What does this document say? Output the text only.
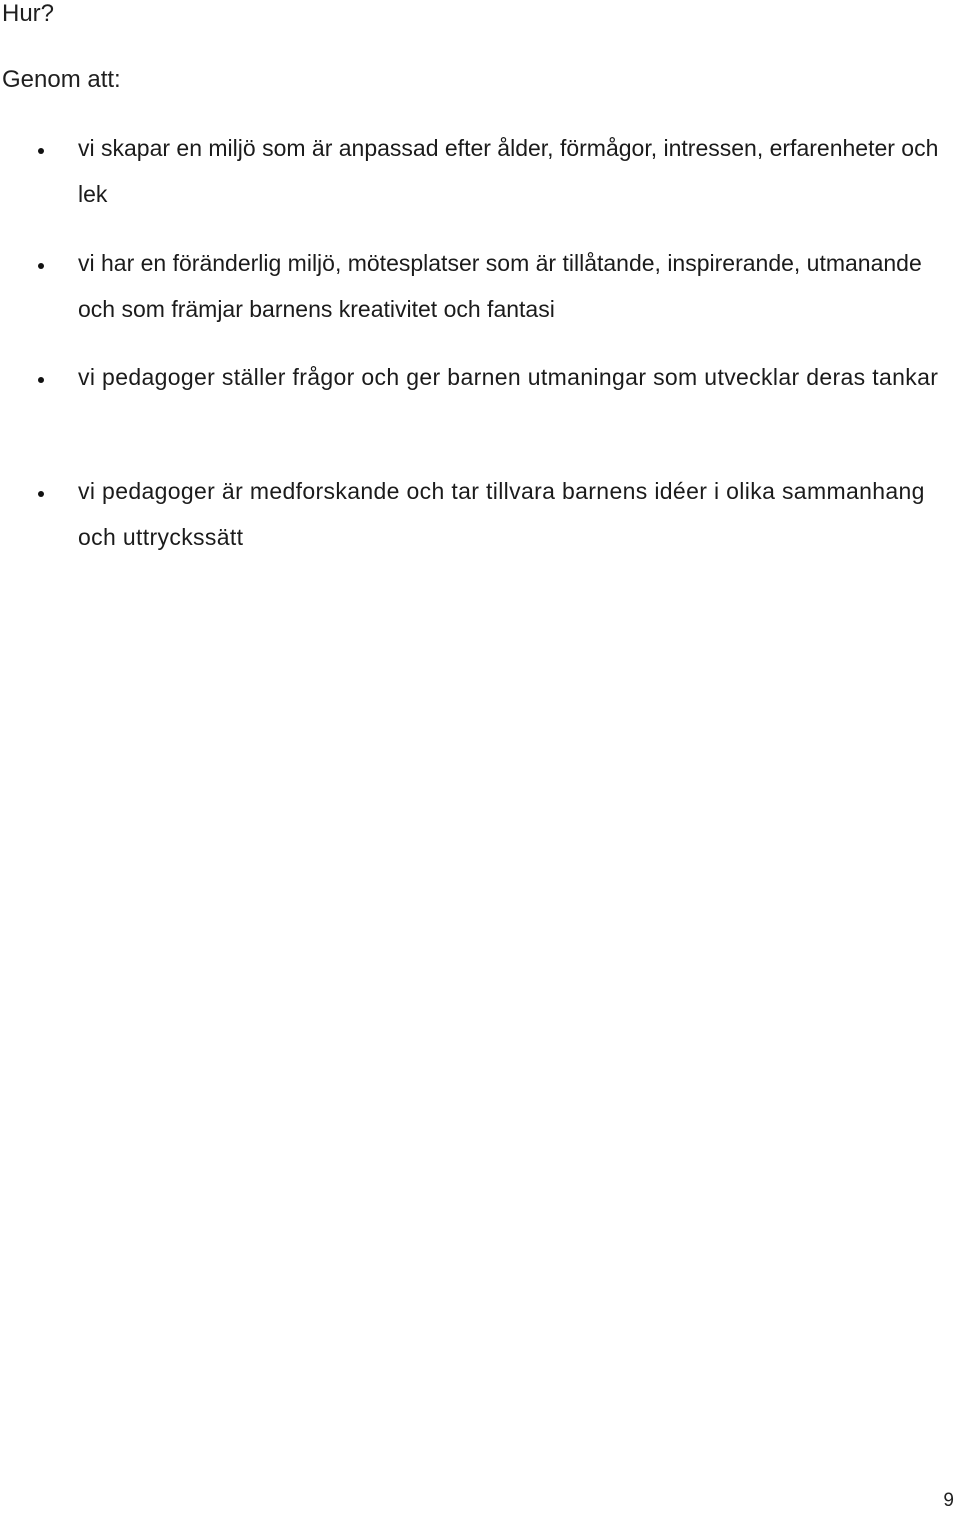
Hur?
Genom att:

vi skapar en miljö som är anpassad efter ålder, förmågor, intressen, erfarenheter och lek

vi har en föränderlig miljö, mötesplatser som är tillåtande, inspirerande, utmanande och som främjar barnens kreativitet och fantasi

vi pedagoger ställer frågor och ger barnen utmaningar som utvecklar deras tankar

vi pedagoger är medforskande och tar tillvara barnens idéer i olika sammanhang och uttryckssätt

9
